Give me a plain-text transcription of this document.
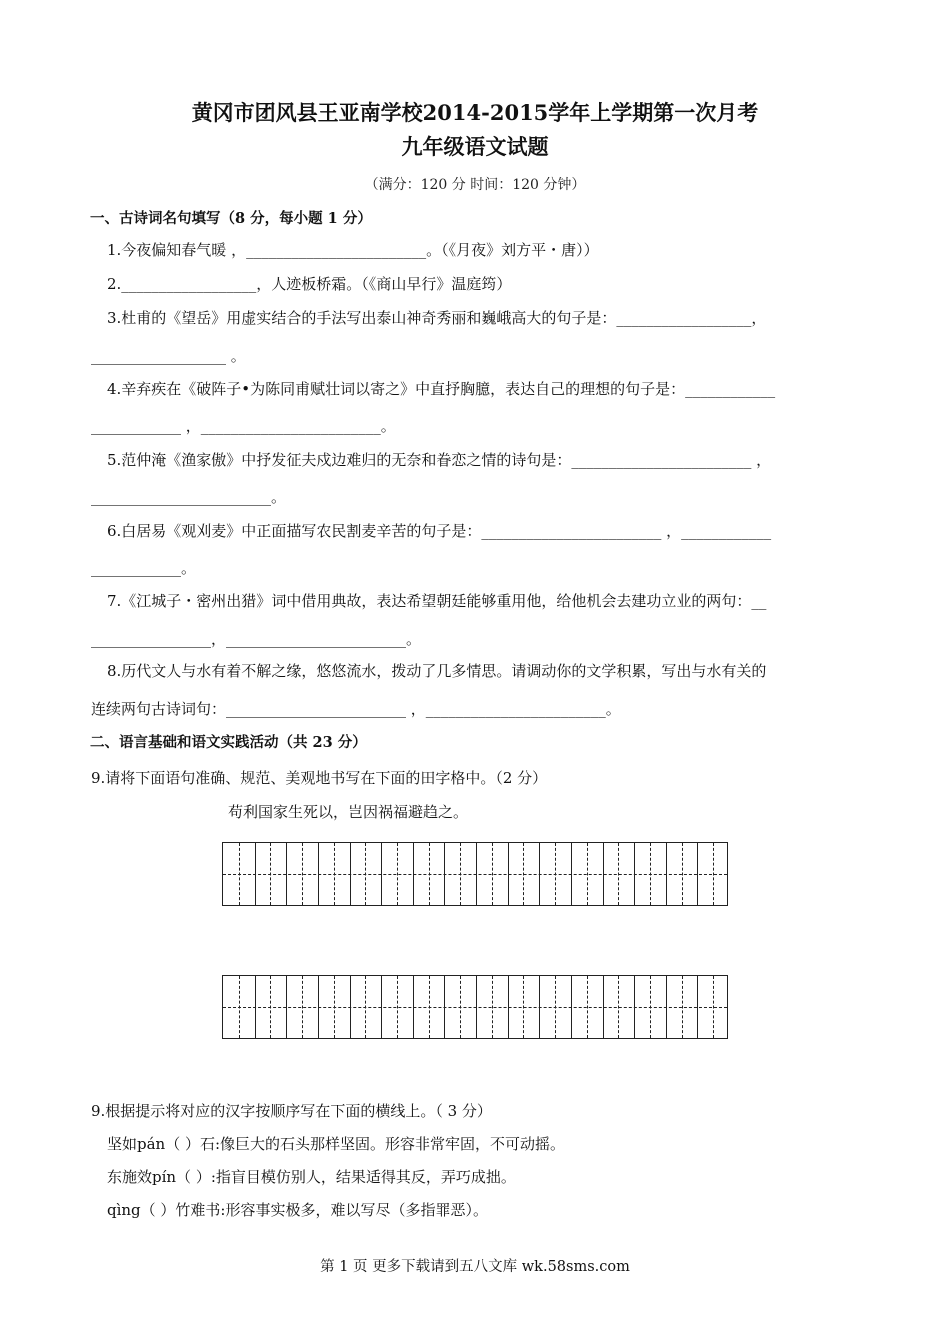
黄冈市团风县王亚南学校2014-2015学年上学期第一次月考
九年级语文试题
（满分：120 分 时间：120 分钟）
一、古诗词名句填写（8 分，每小题 1 分）
1.今夜偏知春气暖 ，________________________。（《月夜》刘方平・唐））
2.__________________，人迹板桥霜。（《商山早行》温庭筠）
3.杜甫的《望岳》用虚实结合的手法写出泰山神奇秀丽和巍峨高大的句子是：__________________，
__________________ 。
4.辛弃疾在《破阵子•为陈同甫赋壮词以寄之》中直抒胸臆，表达自己的理想的句子是：____________
____________ ，________________________。
5.范仲淹《渔家傲》中抒发征夫戍边难归的无奈和眷恋之情的诗句是：________________________ ，
________________________。
6.白居易《观刈麦》中正面描写农民割麦辛苦的句子是：________________________ ，____________
____________。
7.《江城子・密州出猎》词中借用典故，表达希望朝廷能够重用他，给他机会去建功立业的两句：__
________________，________________________。
8.历代文人与水有着不解之缘，悠悠流水，拨动了几多情思。请调动你的文学积累，写出与水有关的
连续两句古诗词句：________________________ ，________________________。
二、语言基础和语文实践活动（共 23 分）
9.请将下面语句准确、规范、美观地书写在下面的田字格中。（2 分）
苟利国家生死以，岂因祸福避趋之。
9.根据提示将对应的汉字按顺序写在下面的横线上。（ 3 分）
坚如pán（ ）石:像巨大的石头那样坚固。形容非常牢固，不可动摇。
东施效pín（ ）:指盲目模仿别人，结果适得其反，弄巧成拙。
qìng（ ）竹难书:形容事实极多，难以写尽（多指罪恶）。
第 1 页 更多下载请到五八文库 wk.58sms.com
